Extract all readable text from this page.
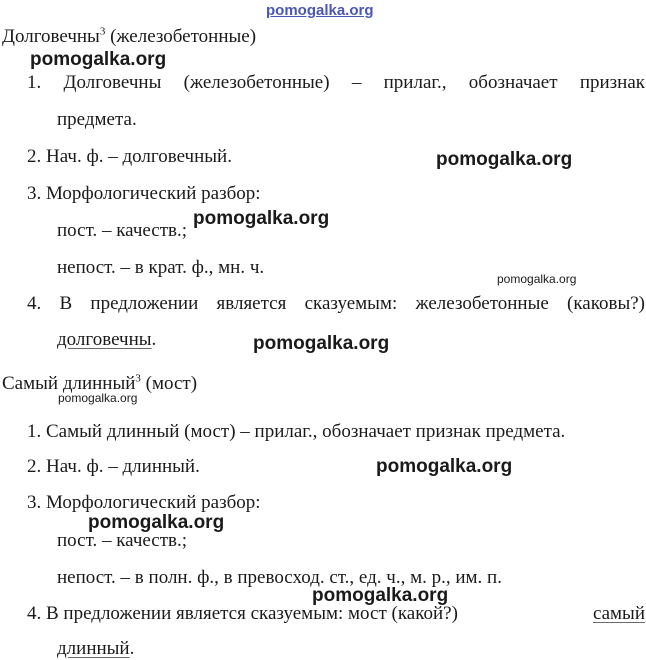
pomogalka.org
pomogalka.org
pomogalka.org
pomogalka.org
pomogalka.org
pomogalka.org
pomogalka.org
pomogalka.org
pomogalka.org
pomogalka.org
Долговечны$^3$ (железобетонные)
1. Долговечны (железобетонные) – прилаг., обозначает признак
предмета.
2. Нач. ф. – долговечный.
3. Морфологический разбор:
пост. – качеств.;
непост. – в крат. ф., мн. ч.
4. В предложении является сказуемым: железобетонные (каковы?)
долговечны.
Самый длинный$^3$ (мост)
1. Самый длинный (мост) – прилаг., обозначает признак предмета.
2. Нач. ф. – длинный.
3. Морфологический разбор:
пост. – качеств.;
непост. – в полн. ф., в превосход. ст., ед. ч., м. р., им. п.
4. В предложении является сказуемым: мост (какой?)	самый
длинный.
